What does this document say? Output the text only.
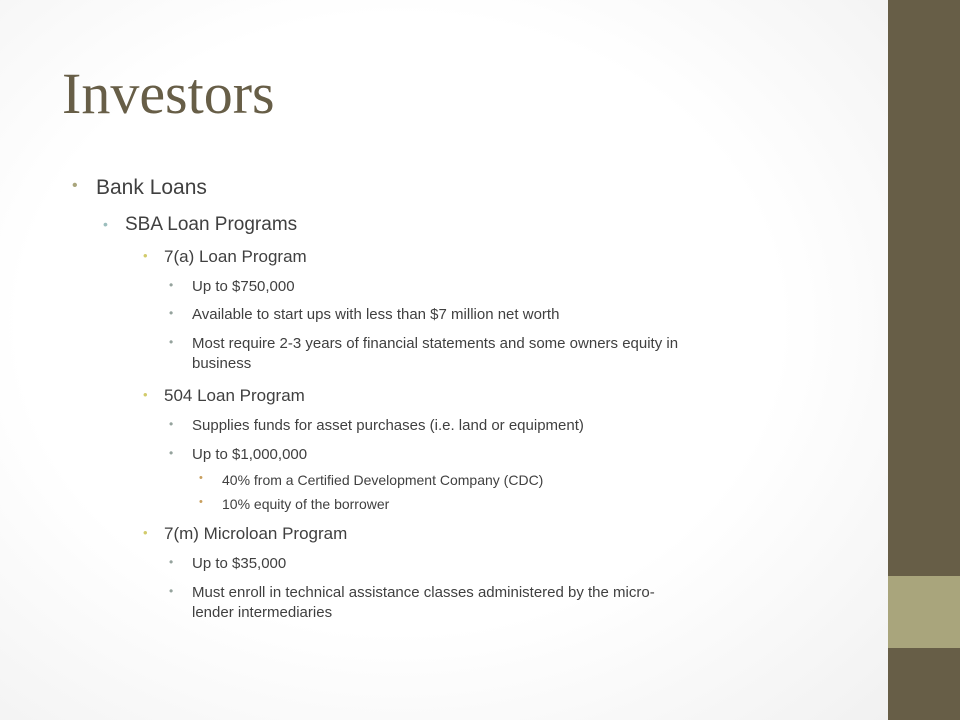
Investors
• Bank Loans
• SBA Loan Programs
• 7(a) Loan Program
• Up to $750,000
• Available to start ups with less than $7 million net worth
• Most require 2-3 years of financial statements and some owners equity in
business
• 504 Loan Program
• Supplies funds for asset purchases (i.e. land or equipment)
• Up to $1,000,000
• 40% from a Certified Development Company (CDC)
• 10% equity of the borrower
• 7(m) Microloan Program
• Up to $35,000
• Must enroll in technical assistance classes administered by the micro-
lender intermediaries
